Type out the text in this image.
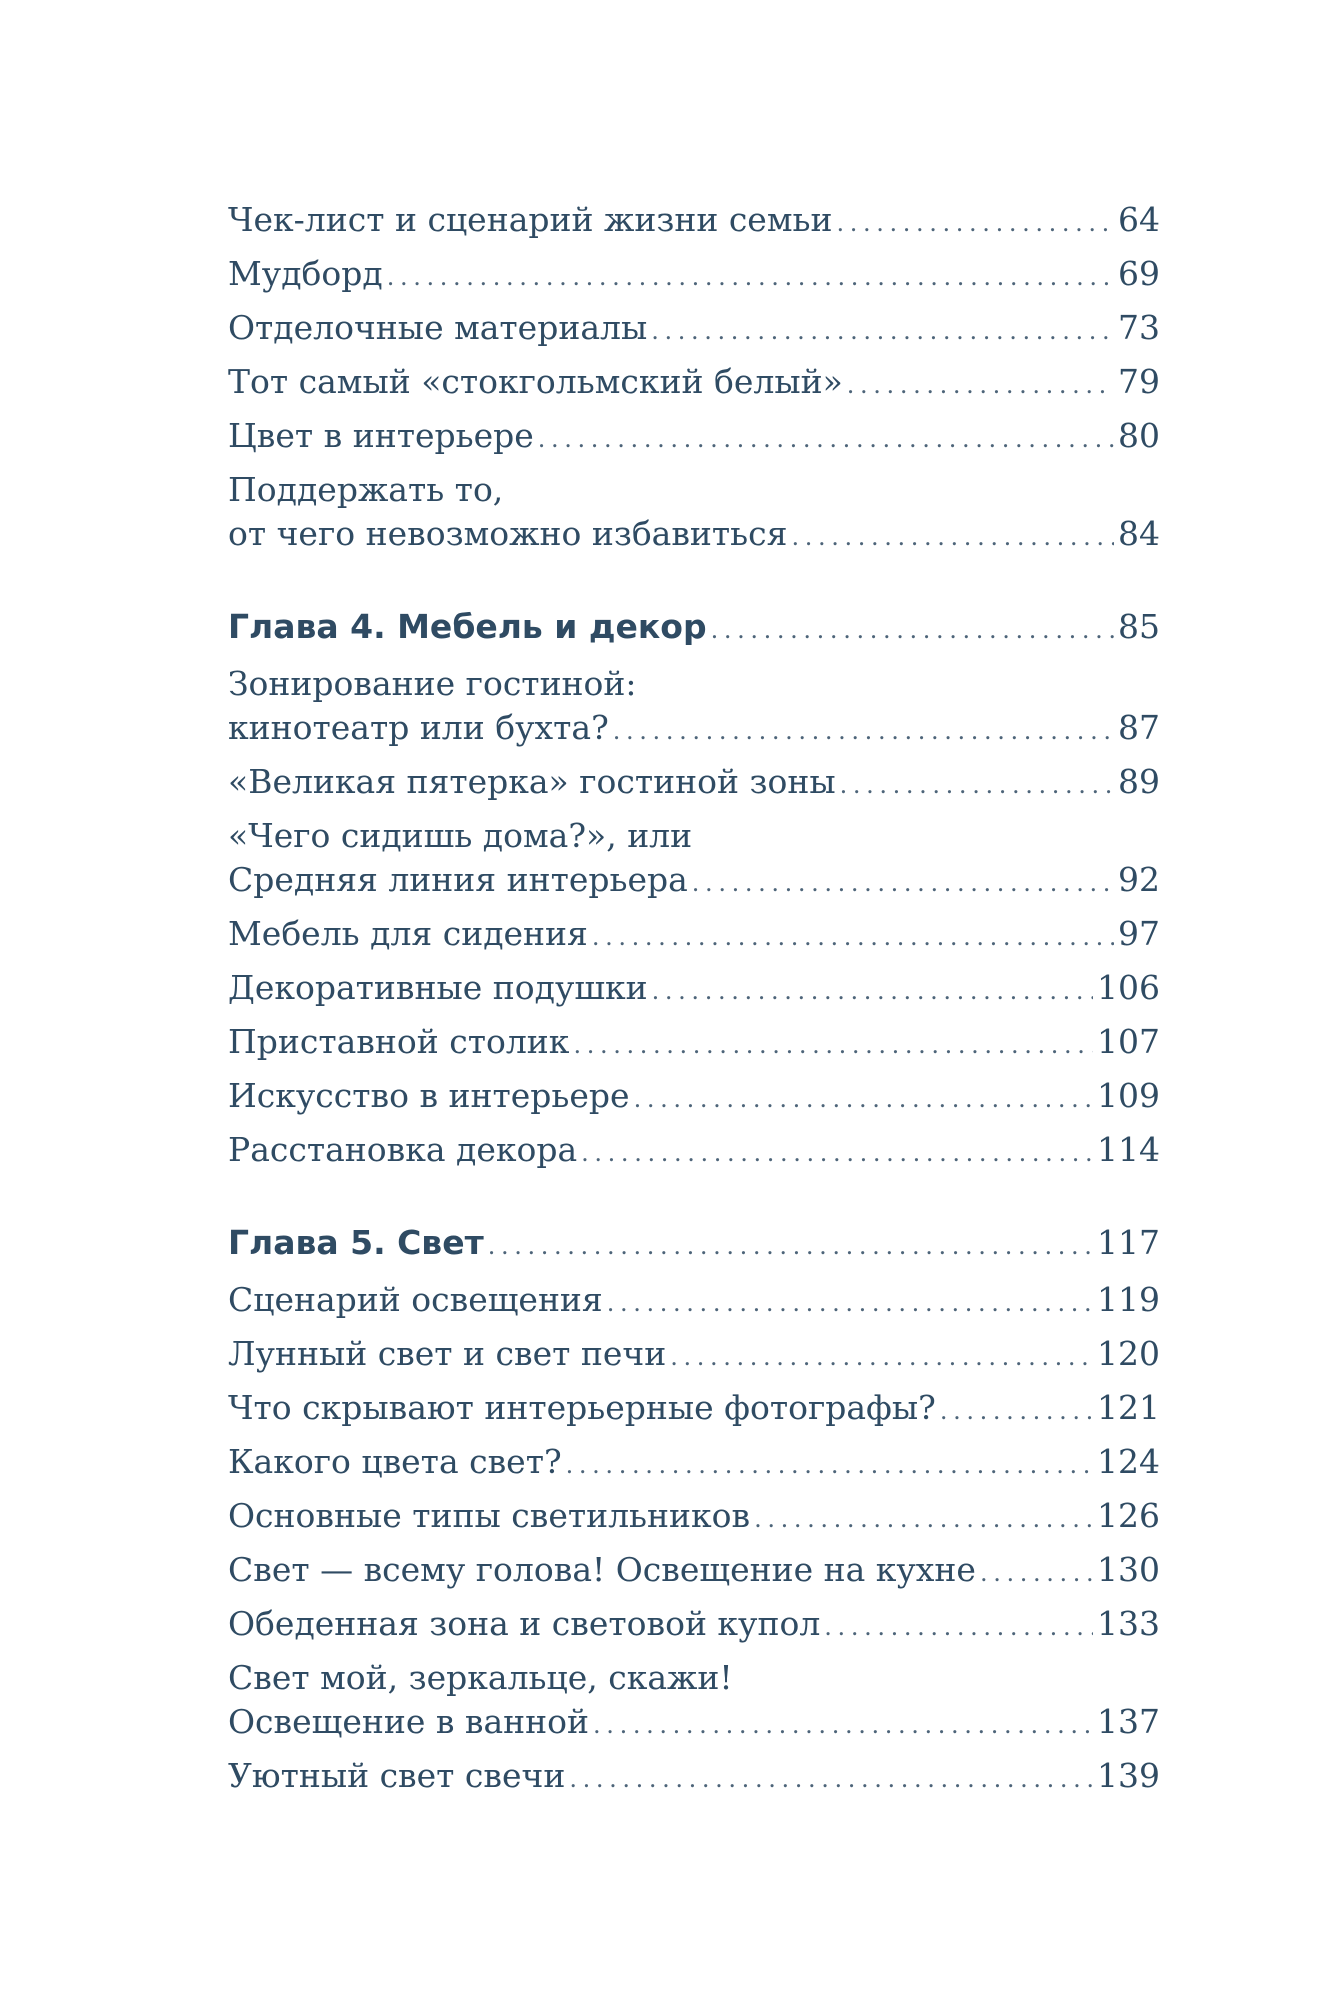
Чек-лист и сценарий жизни семьи . . .	64
Мудборд . . .	69
Отделочные материалы . . .	73
Тот самый «стокгольмский белый» . . .	79
Цвет в интерьере . . .	80
Поддержать то,
от чего невозможно избавиться . . .	84
Глава 4. Мебель и декор . . .	85
Зонирование гостиной:
кинотеатр или бухта? . . .	87
«Великая пятерка» гостиной зоны . . .	89
«Чего сидишь дома?», или
Средняя линия интерьера . . .	92
Мебель для сидения . . .	97
Декоративные подушки . . .	106
Приставной столик . . .	107
Искусство в интерьере . . .	109
Расстановка декора . . .	114
Глава 5. Свет . . .	117
Сценарий освещения . . .	119
Лунный свет и свет печи . . .	120
Что скрывают интерьерные фотографы? . . .	121
Какого цвета свет? . . .	124
Основные типы светильников . . .	126
Свет — всему голова! Освещение на кухне . . .	130
Обеденная зона и световой купол . . .	133
Свет мой, зеркальце, скажи!
Освещение в ванной . . .	137
Уютный свет свечи . . .	139
